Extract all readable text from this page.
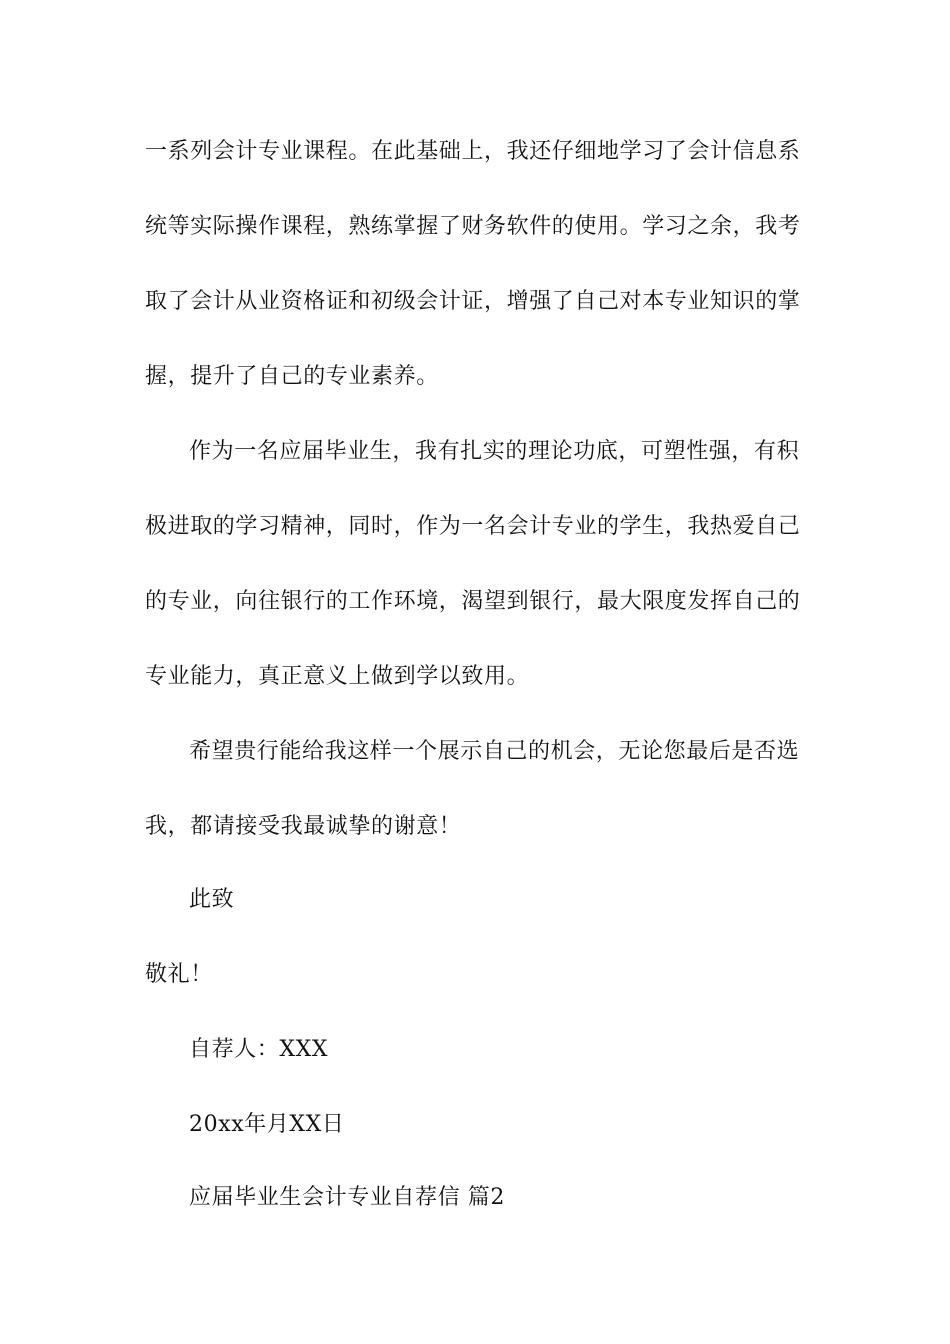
一系列会计专业课程。在此基础上，我还仔细地学习了会计信息系
统等实际操作课程，熟练掌握了财务软件的使用。学习之余，我考
取了会计从业资格证和初级会计证，增强了自己对本专业知识的掌
握，提升了自己的专业素养。
作为一名应届毕业生，我有扎实的理论功底，可塑性强，有积
极进取的学习精神，同时，作为一名会计专业的学生，我热爱自己
的专业，向往银行的工作环境，渴望到银行，最大限度发挥自己的
专业能力，真正意义上做到学以致用。
希望贵行能给我这样一个展示自己的机会，无论您最后是否选
我，都请接受我最诚挚的谢意！
此致
敬礼！
自荐人：XXX
20xx年月XX日
应届毕业生会计专业自荐信 篇2
